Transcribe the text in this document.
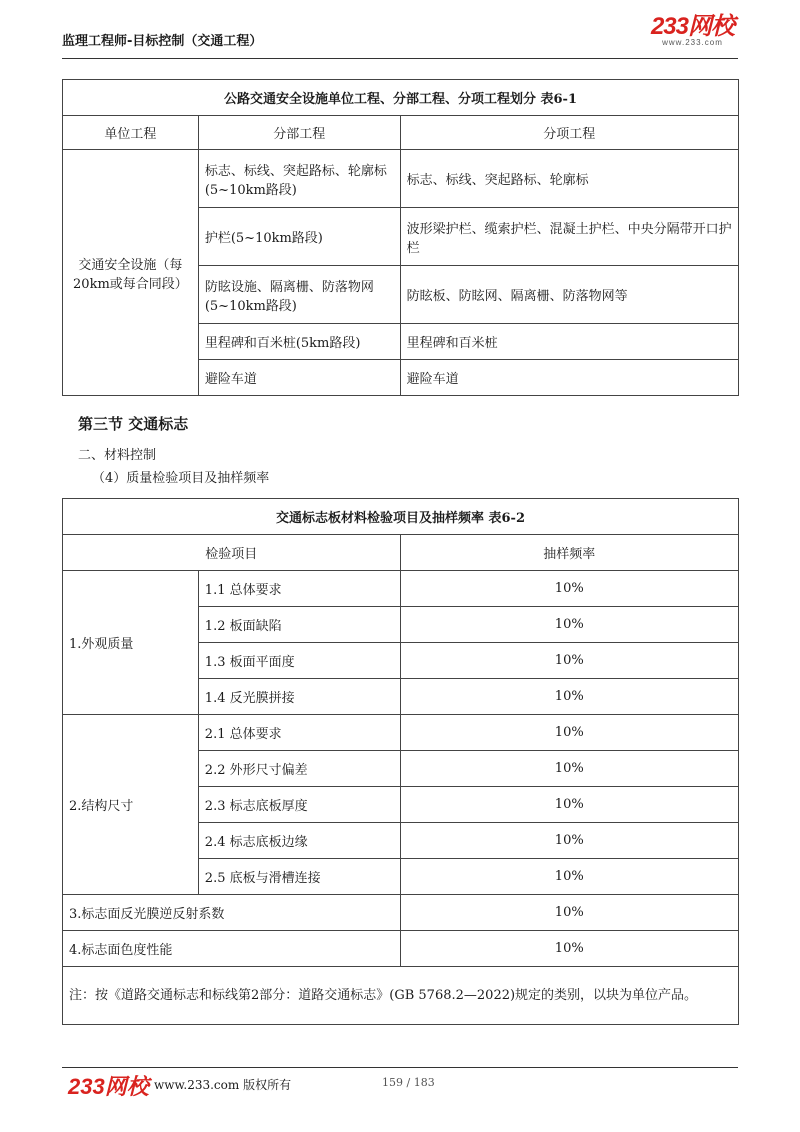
监理工程师-目标控制（交通工程）
233网校
www.233.com
公路交通安全设施单位工程、分部工程、分项工程划分 表6-1		
单位工程	分部工程	分项工程
交通安全设施（每20km或每合同段）	标志、标线、突起路标、轮廓标(5~10km路段)	标志、标线、突起路标、轮廓标
	护栏(5~10km路段)	波形梁护栏、缆索护栏、混凝土护栏、中央分隔带开口护栏
	防眩设施、隔离栅、防落物网(5~10km路段)	防眩板、防眩网、隔离栅、防落物网等
	里程碑和百米桩(5km路段)	里程碑和百米桩
	避险车道	避险车道
第三节 交通标志
二、材料控制
（4）质量检验项目及抽样频率
交通标志板材料检验项目及抽样频率 表6-2		
检验项目		抽样频率
1.外观质量	1.1 总体要求	10%
	1.2 板面缺陷	10%
	1.3 板面平面度	10%
	1.4 反光膜拼接	10%
2.结构尺寸	2.1 总体要求	10%
	2.2 外形尺寸偏差	10%
	2.3 标志底板厚度	10%
	2.4 标志底板边缘	10%
	2.5 底板与滑槽连接	10%
3.标志面反光膜逆反射系数		10%
4.标志面色度性能		10%
注：按《道路交通标志和标线第2部分：道路交通标志》(GB 5768.2—2022)规定的类别，以块为单位产品。		
233网校 www.233.com 版权所有	159 / 183
